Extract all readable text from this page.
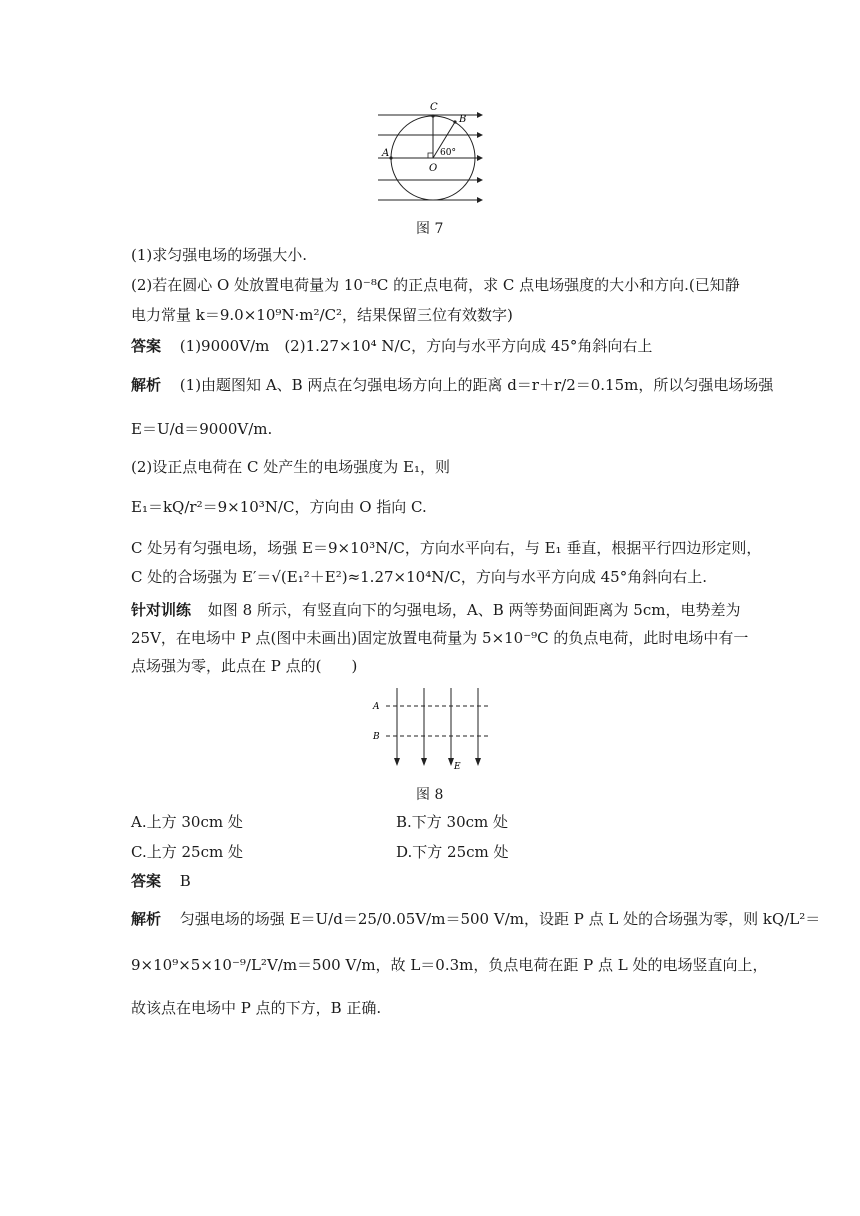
C
B
A
O
60°
图 7
(1)求匀强电场的场强大小.
(2)若在圆心 O 处放置电荷量为 10⁻⁸C 的正点电荷，求 C 点电场强度的大小和方向.(已知静
电力常量 k＝9.0×10⁹N·m²/C²，结果保留三位有效数字)
答案 (1)9000V/m　(2)1.27×10⁴ N/C，方向与水平方向成 45°角斜向右上
解析 (1)由题图知 A、B 两点在匀强电场方向上的距离 d＝r＋r/2＝0.15m，所以匀强电场场强
E＝U/d＝9000V/m.
(2)设正点电荷在 C 处产生的电场强度为 E₁，则
E₁＝kQ/r²＝9×10³N/C，方向由 O 指向 C.
C 处另有匀强电场，场强 E＝9×10³N/C，方向水平向右，与 E₁ 垂直，根据平行四边形定则，
C 处的合场强为 E′＝√(E₁²＋E²)≈1.27×10⁴N/C，方向与水平方向成 45°角斜向右上.
针对训练 如图 8 所示，有竖直向下的匀强电场，A、B 两等势面间距离为 5cm，电势差为
25V，在电场中 P 点(图中未画出)固定放置电荷量为 5×10⁻⁹C 的负点电荷，此时电场中有一
点场强为零，此点在 P 点的(　　)
A
B
E
图 8
A.上方 30cm 处	B.下方 30cm 处
C.上方 25cm 处	D.下方 25cm 处
答案 B
解析 匀强电场的场强 E＝U/d＝25/0.05V/m＝500 V/m，设距 P 点 L 处的合场强为零，则 kQ/L²＝
9×10⁹×5×10⁻⁹/L²V/m＝500 V/m，故 L＝0.3m，负点电荷在距 P 点 L 处的电场竖直向上，
故该点在电场中 P 点的下方，B 正确.
